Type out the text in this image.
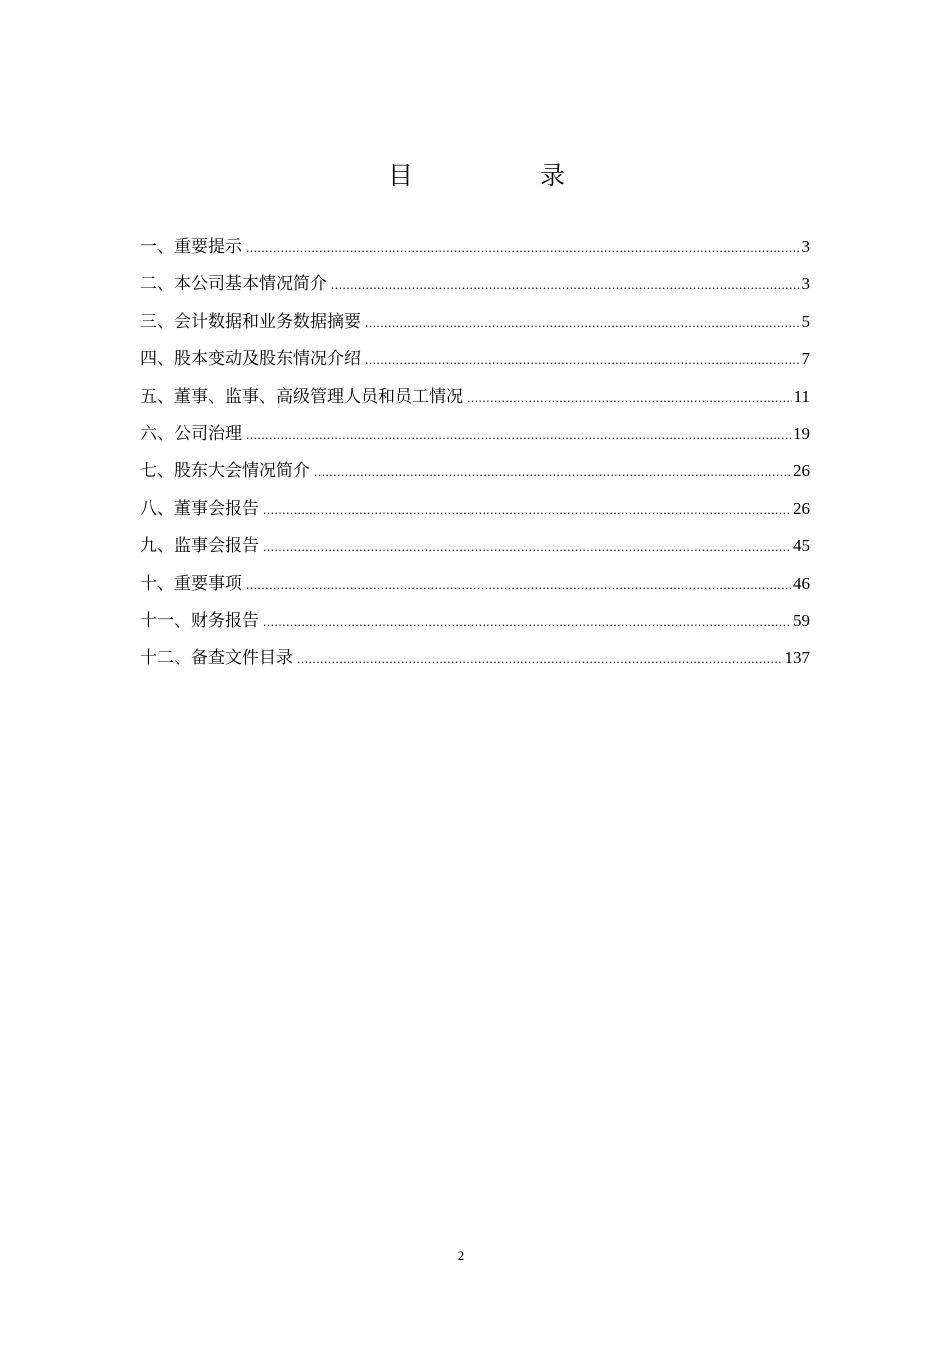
目	录
一、重要提示 .....	3
二、本公司基本情况简介 .....	3
三、会计数据和业务数据摘要 .....	5
四、股本变动及股东情况介绍 .....	7
五、董事、监事、高级管理人员和员工情况 .....	11
六、公司治理 .....	19
七、股东大会情况简介 .....	26
八、董事会报告 .....	26
九、监事会报告 .....	45
十、重要事项 .....	46
十一、财务报告 .....	59
十二、备查文件目录 .....	137
2
